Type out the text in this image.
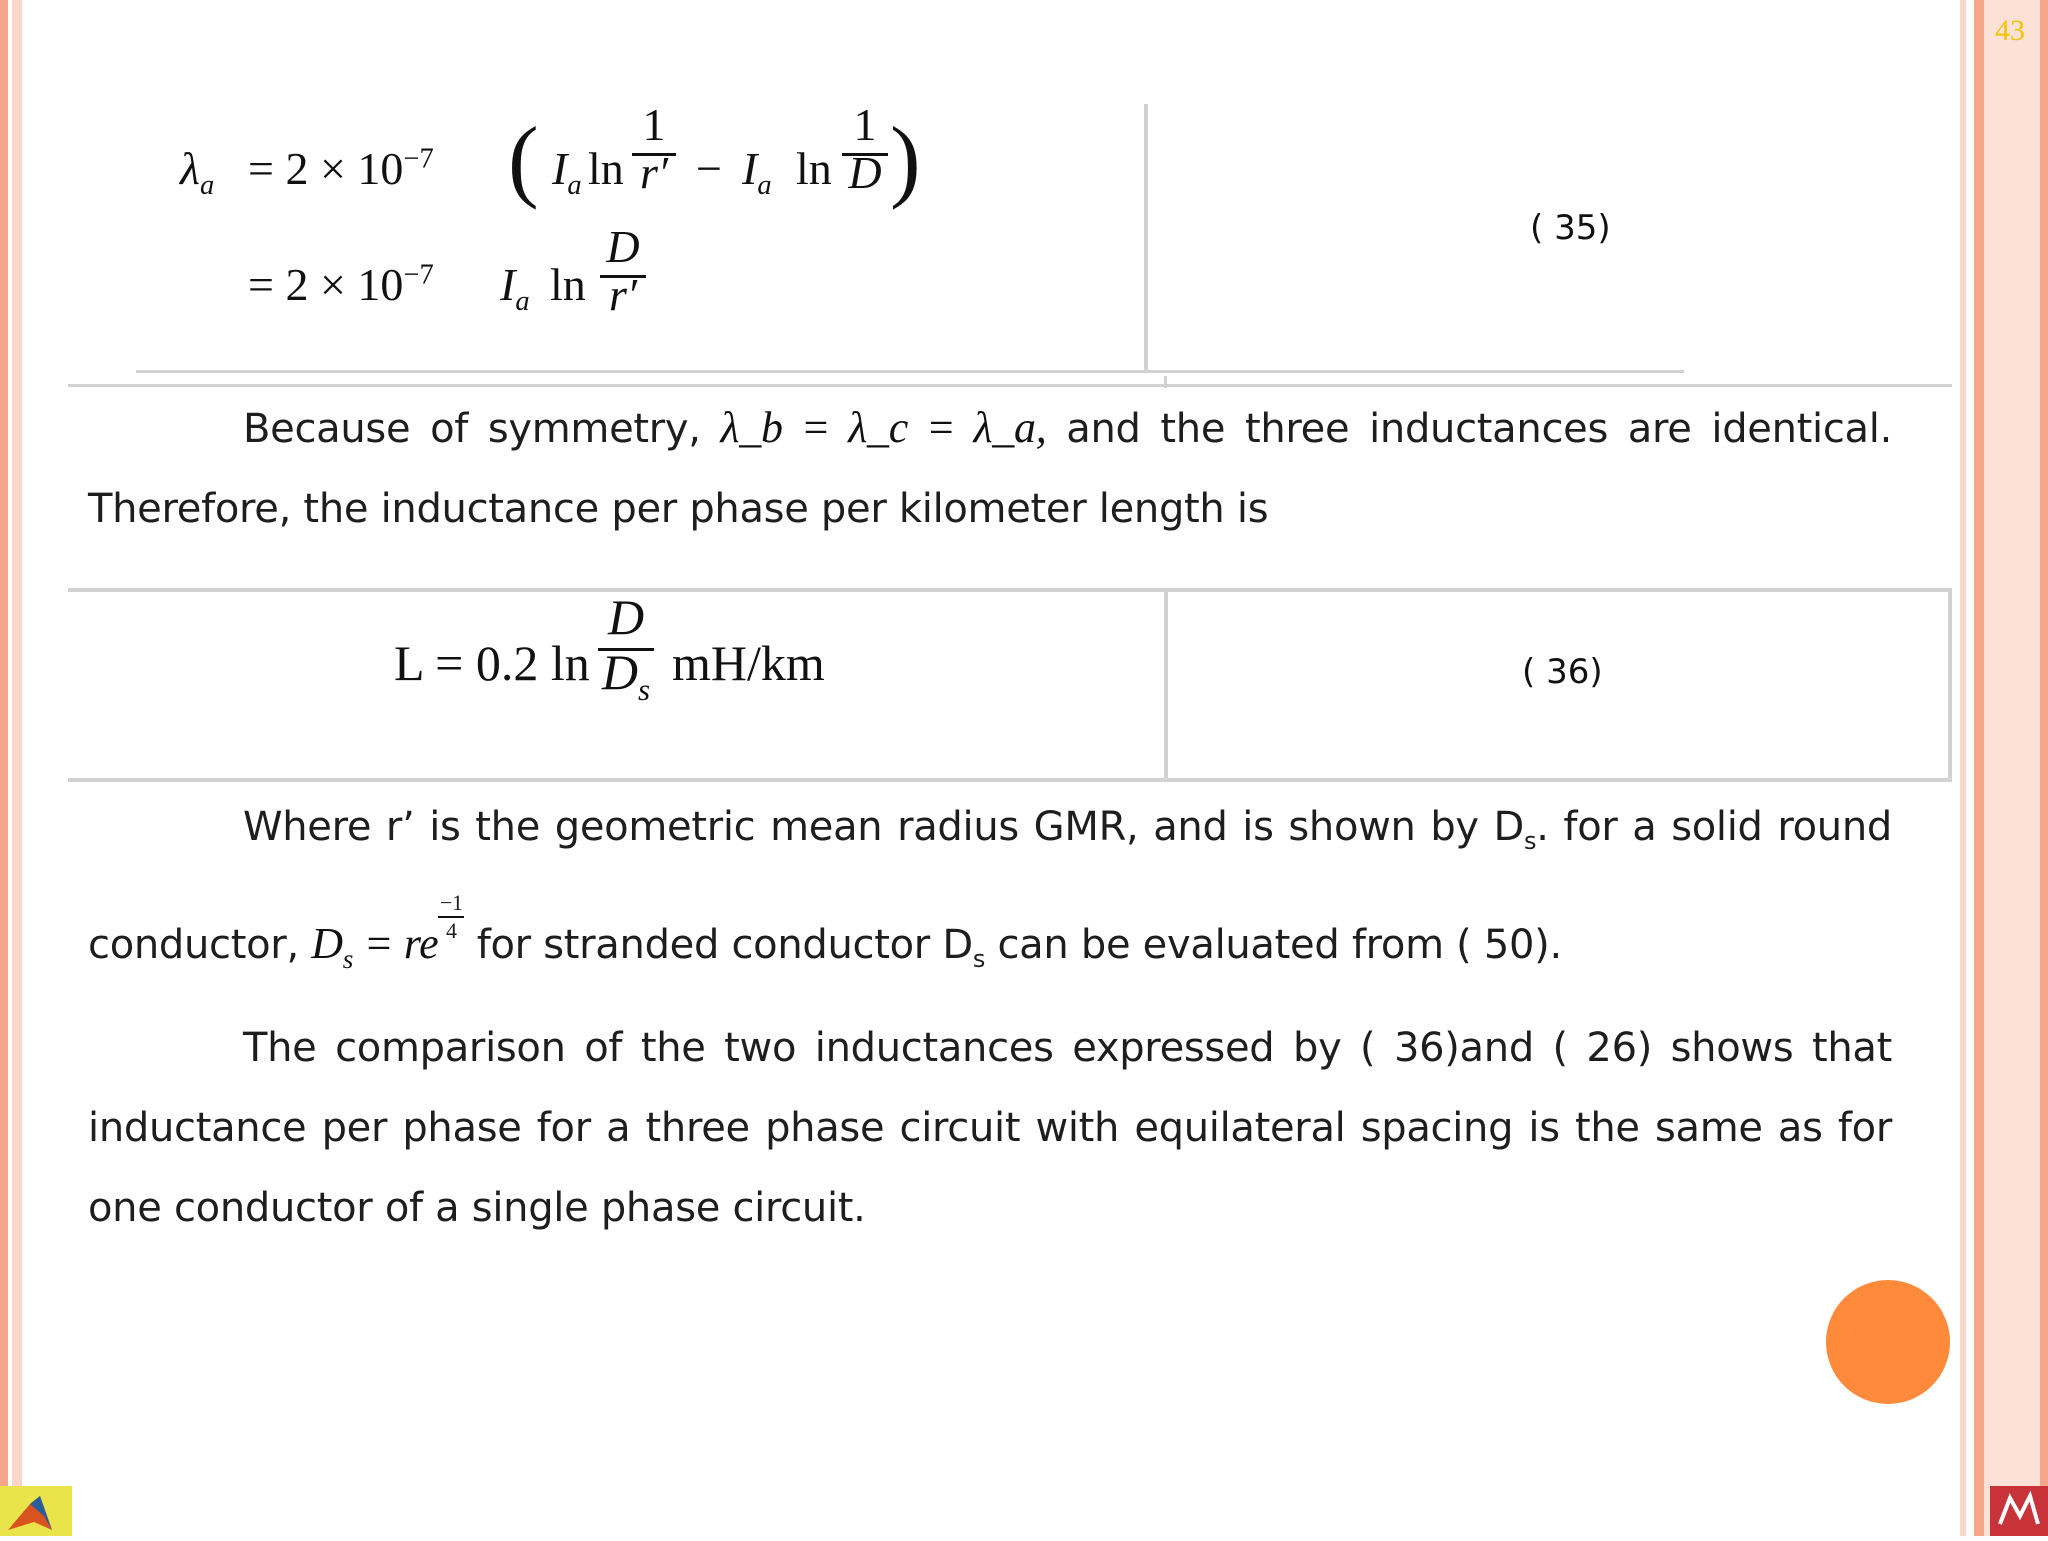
43
$\lambda_a = 2 \times 10^{-7}$ ( $I_a$ ln
1
$r' - I_a$ ln
1
D )
= $2 \times 10^{-7}$ $I_a$ ln
D
r′
( 35)
Because of symmetry, λ_b = λ_c = λ_a, and the three inductances are identical. Therefore, the inductance per phase per kilometer length is
L = 0.2 ln
D
$D_s$ mH/km	( 36)
Where r’ is the geometric mean radius GMR, and is shown by $D_s$. for a solid round conductor, $D_s$ = re $\frac{-1}{4}$
for stranded conductor $D_s$ can be evaluated from ( 50).
The comparison of the two inductances expressed by ( 36)and ( 26) shows that inductance per phase for a three phase circuit with equilateral spacing is the same as for one conductor of a single phase circuit.
